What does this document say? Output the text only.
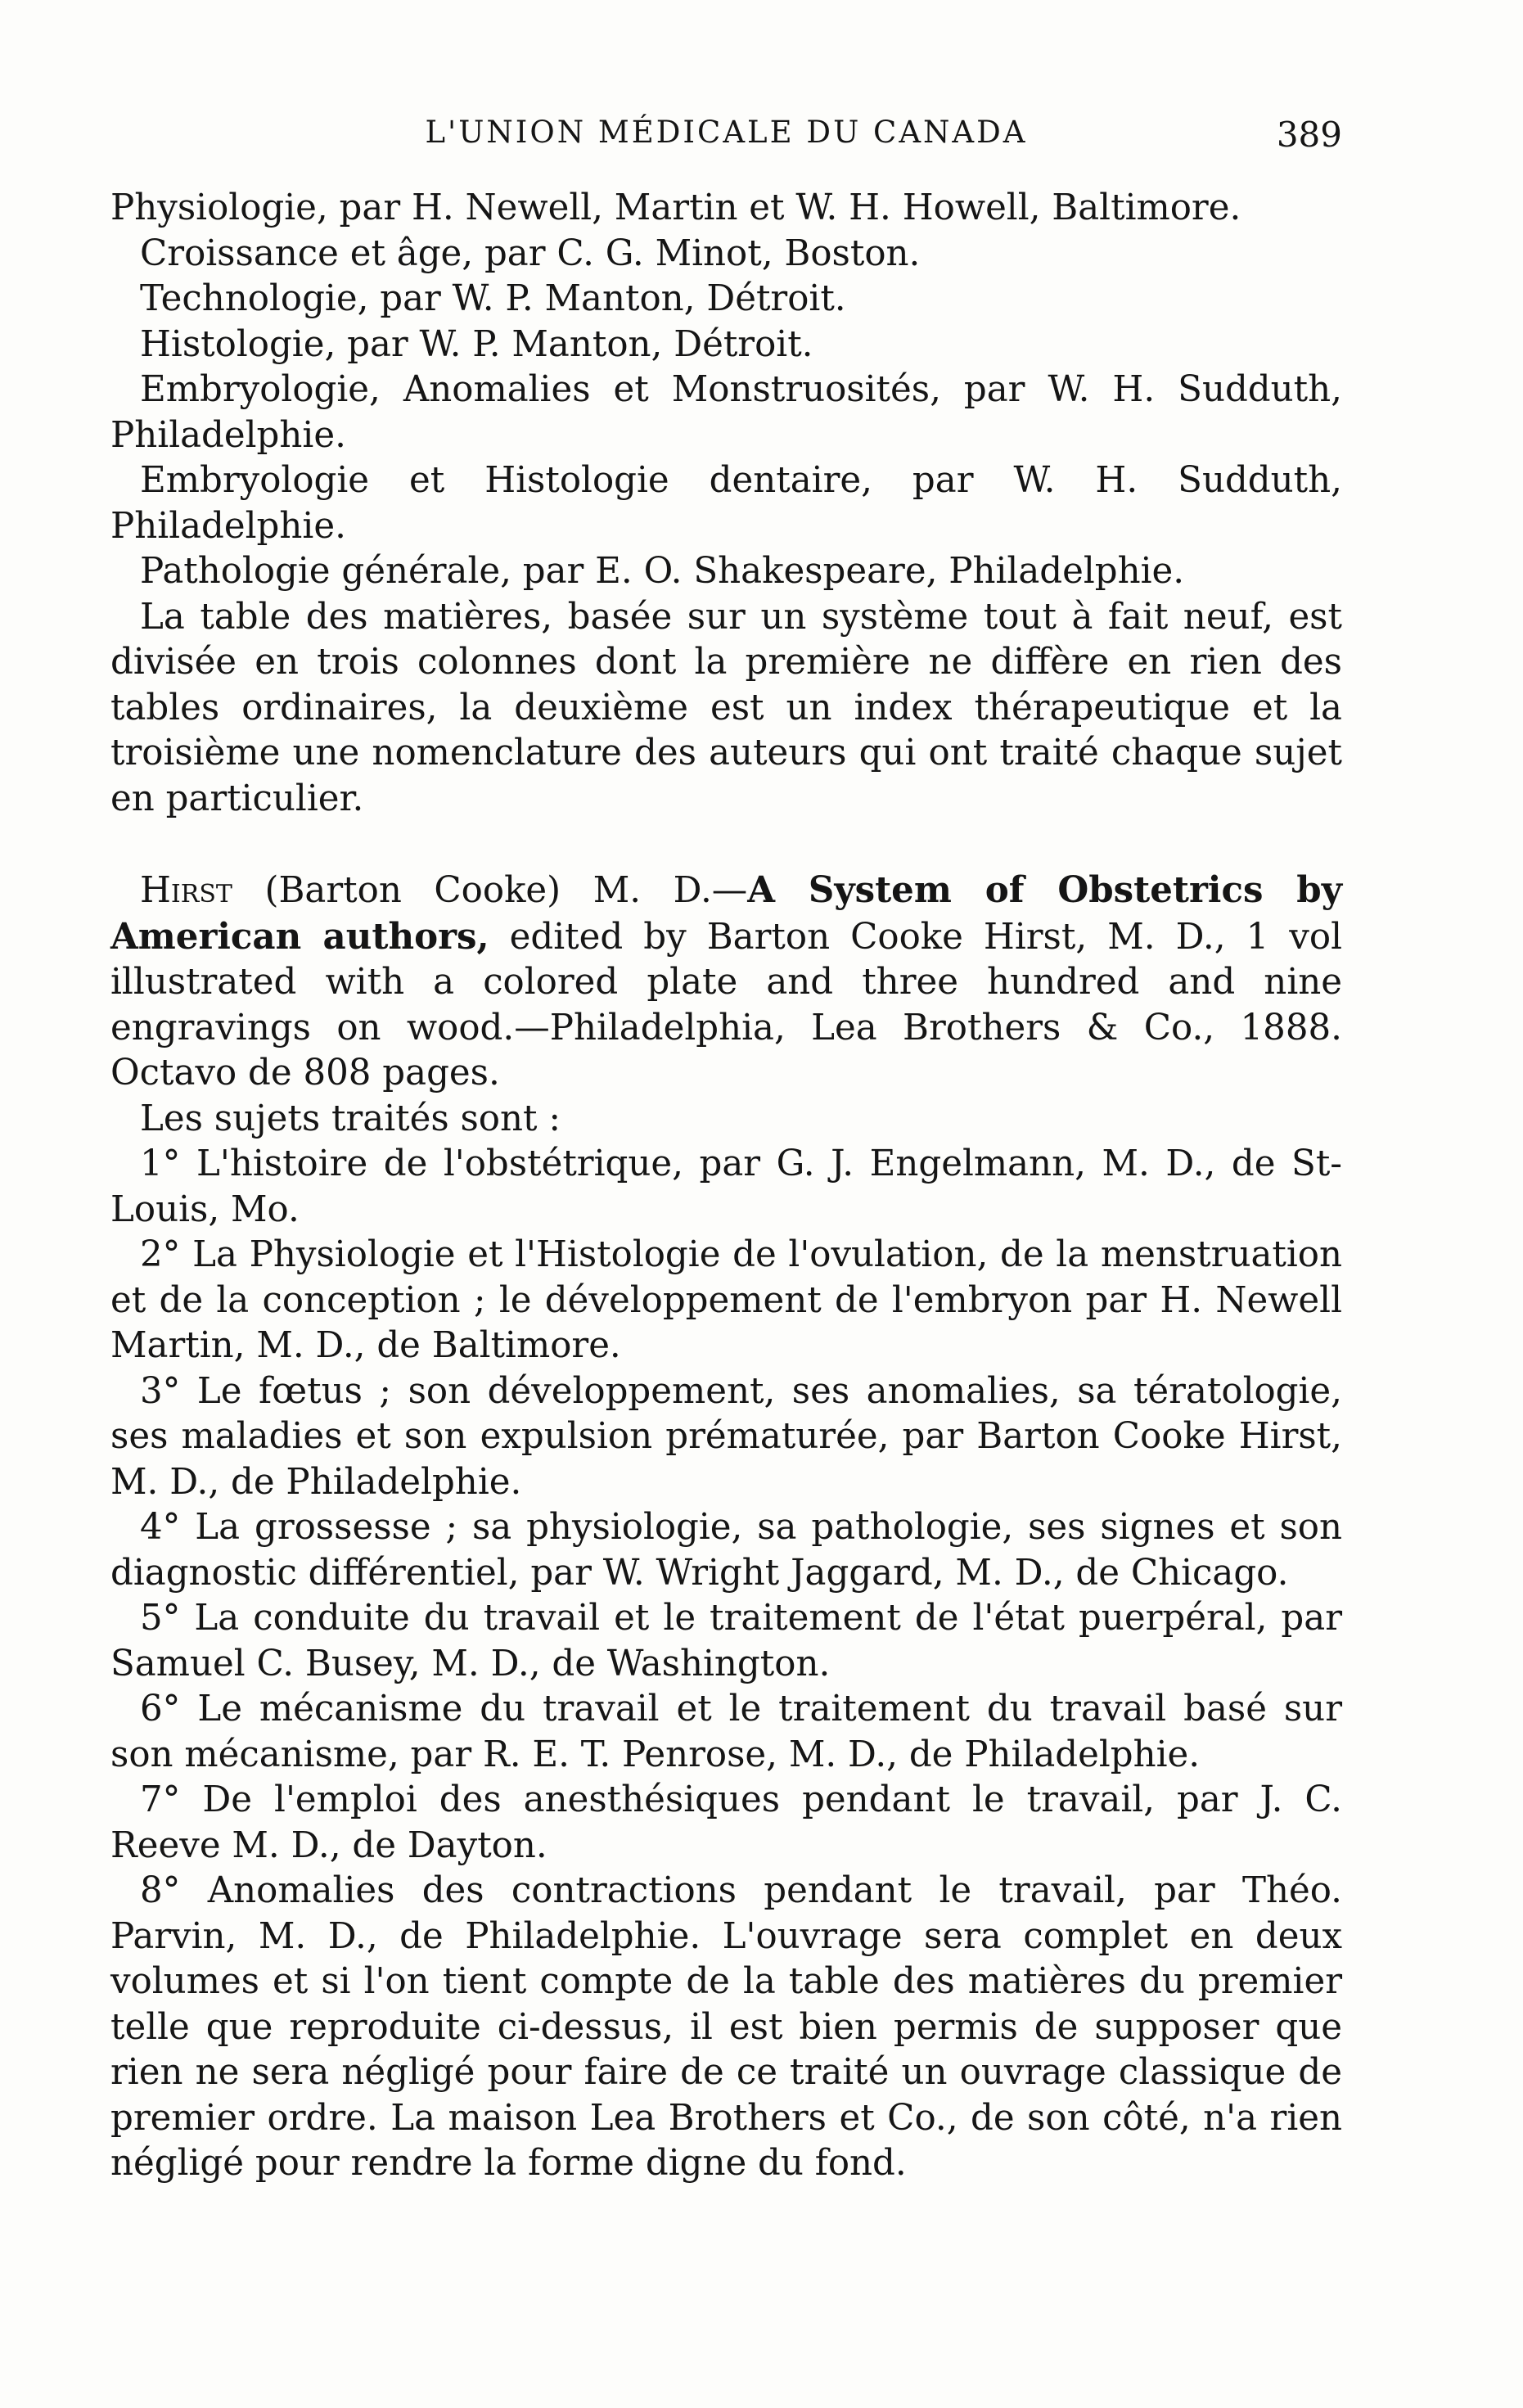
L'UNION MÉDICALE DU CANADA	389

Physiologie, par H. Newell, Martin et W. H. Howell, Baltimore.

Croissance et âge, par C. G. Minot, Boston.

Technologie, par W. P. Manton, Détroit.

Histologie, par W. P. Manton, Détroit.

Embryologie, Anomalies et Monstruosités, par W. H. Sudduth, Philadelphie.

Embryologie et Histologie dentaire, par W. H. Sudduth, Philadelphie.

Pathologie générale, par E. O. Shakespeare, Philadelphie.

La table des matières, basée sur un système tout à fait neuf, est divisée en trois colonnes dont la première ne diffère en rien des tables ordinaires, la deuxième est un index thérapeutique et la troisième une nomenclature des auteurs qui ont traité chaque sujet en particulier.

Hirst (Barton Cooke) M. D.—A System of Obstetrics by American authors, edited by Barton Cooke Hirst, M. D., 1 vol illustrated with a colored plate and three hundred and nine engravings on wood.—Philadelphia, Lea Brothers & Co., 1888. Octavo de 808 pages.

Les sujets traités sont :

1° L'histoire de l'obstétrique, par G. J. Engelmann, M. D., de St-Louis, Mo.

2° La Physiologie et l'Histologie de l'ovulation, de la menstruation et de la conception ; le développement de l'embryon par H. Newell Martin, M. D., de Baltimore.

3° Le fœtus ; son développement, ses anomalies, sa tératologie, ses maladies et son expulsion prématurée, par Barton Cooke Hirst, M. D., de Philadelphie.

4° La grossesse ; sa physiologie, sa pathologie, ses signes et son diagnostic différentiel, par W. Wright Jaggard, M. D., de Chicago.

5° La conduite du travail et le traitement de l'état puerpéral, par Samuel C. Busey, M. D., de Washington.

6° Le mécanisme du travail et le traitement du travail basé sur son mécanisme, par R. E. T. Penrose, M. D., de Philadelphie.

7° De l'emploi des anesthésiques pendant le travail, par J. C. Reeve M. D., de Dayton.

8° Anomalies des contractions pendant le travail, par Théo. Parvin, M. D., de Philadelphie. L'ouvrage sera complet en deux volumes et si l'on tient compte de la table des matières du premier telle que reproduite ci-dessus, il est bien permis de supposer que rien ne sera négligé pour faire de ce traité un ouvrage classique de premier ordre. La maison Lea Brothers et Co., de son côté, n'a rien négligé pour rendre la forme digne du fond.
